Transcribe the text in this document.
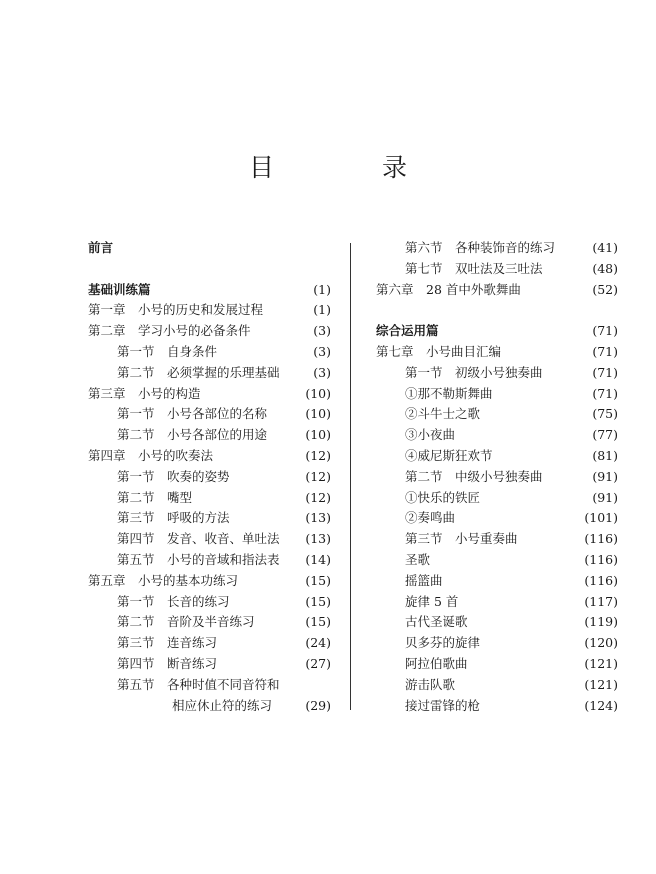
目 录
前言
基础训练篇	(1)
第一章　小号的历史和发展过程	(1)
第二章　学习小号的必备条件	(3)
第一节　自身条件	(3)
第二节　必须掌握的乐理基础	(3)
第三章　小号的构造	(10)
第一节　小号各部位的名称	(10)
第二节　小号各部位的用途	(10)
第四章　小号的吹奏法	(12)
第一节　吹奏的姿势	(12)
第二节　嘴型	(12)
第三节　呼吸的方法	(13)
第四节　发音、收音、单吐法 (13)
第五节　小号的音域和指法表 (14)
第五章　小号的基本功练习	(15)
第一节　长音的练习	(15)
第二节　音阶及半音练习	(15)
第三节　连音练习	(24)
第四节　断音练习	(27)
第五节　各种时值不同音符和
相应休止符的练习	(29)
第六节　各种装饰音的练习	(41)
第七节　双吐法及三吐法	(48)
第六章　28 首中外歌舞曲	(52)
综合运用篇	(71)
第七章　小号曲目汇编	(71)
第一节　初级小号独奏曲	(71)
①那不勒斯舞曲	(71)
②斗牛士之歌	(75)
③小夜曲	(77)
④威尼斯狂欢节	(81)
第二节　中级小号独奏曲	(91)
①快乐的铁匠	(91)
②奏鸣曲	(101)
第三节　小号重奏曲	(116)
圣歌	(116)
摇篮曲	(116)
旋律 5 首	(117)
古代圣诞歌	(119)
贝多芬的旋律	(120)
阿拉伯歌曲	(121)
游击队歌	(121)
接过雷锋的枪	(124)
